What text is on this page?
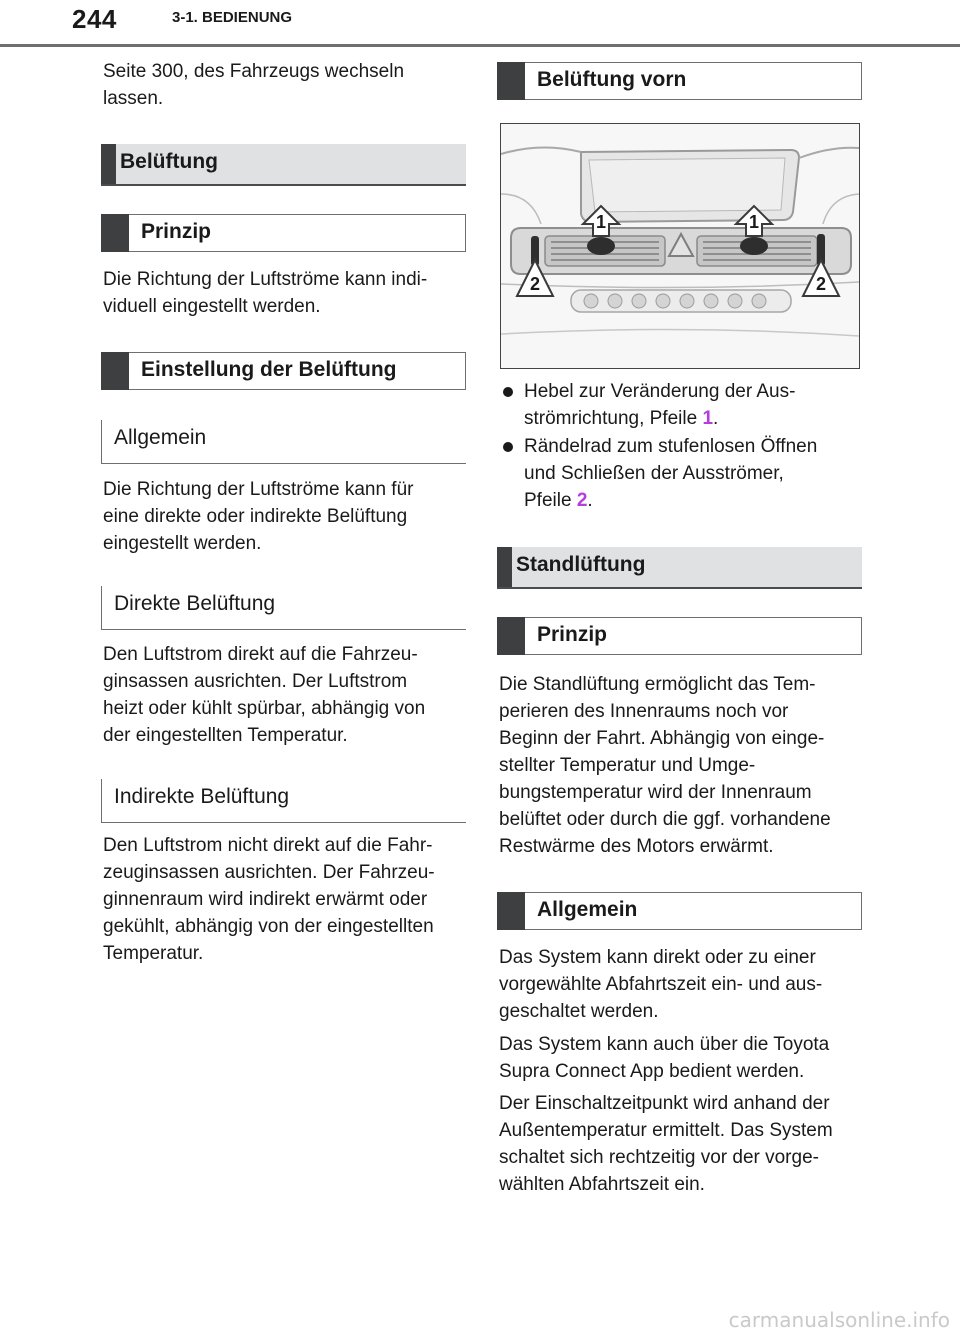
244	3-1. BEDIENUNG

Seite 300, des Fahrzeugs wechseln

lassen.

Belüftung
Prinzip

Die Richtung der Luftströme kann indi-

viduell eingestellt werden.

Einstellung der Belüftung
Allgemein

Die Richtung der Luftströme kann für

eine direkte oder indirekte Belüftung

eingestellt werden.

Direkte Belüftung

Den Luftstrom direkt auf die Fahrzeu-

ginsassen ausrichten. Der Luftstrom

heizt oder kühlt spürbar, abhängig von

der eingestellten Temperatur.

Indirekte Belüftung

Den Luftstrom nicht direkt auf die Fahr-

zeuginsassen ausrichten. Der Fahrzeu-

ginnenraum wird indirekt erwärmt oder

gekühlt, abhängig von der eingestellten

Temperatur.

Belüftung vorn
1	1
2	2

Hebel zur Veränderung der Aus-

strömrichtung, Pfeile 1.

Rändelrad zum stufenlosen Öffnen

und Schließen der Ausströmer,

Pfeile 2.

Standlüftung
Prinzip

Die Standlüftung ermöglicht das Tem-

perieren des Innenraums noch vor

Beginn der Fahrt. Abhängig von einge-

stellter Temperatur und Umge-

bungstemperatur wird der Innenraum

belüftet oder durch die ggf. vorhandene

Restwärme des Motors erwärmt.

Allgemein

Das System kann direkt oder zu einer

vorgewählte Abfahrtszeit ein- und aus-

geschaltet werden.

Das System kann auch über die Toyota

Supra Connect App bedient werden.

Der Einschaltzeitpunkt wird anhand der

Außentemperatur ermittelt. Das System

schaltet sich rechtzeitig vor der vorge-

wählten Abfahrtszeit ein.

carmanualsonline.info
